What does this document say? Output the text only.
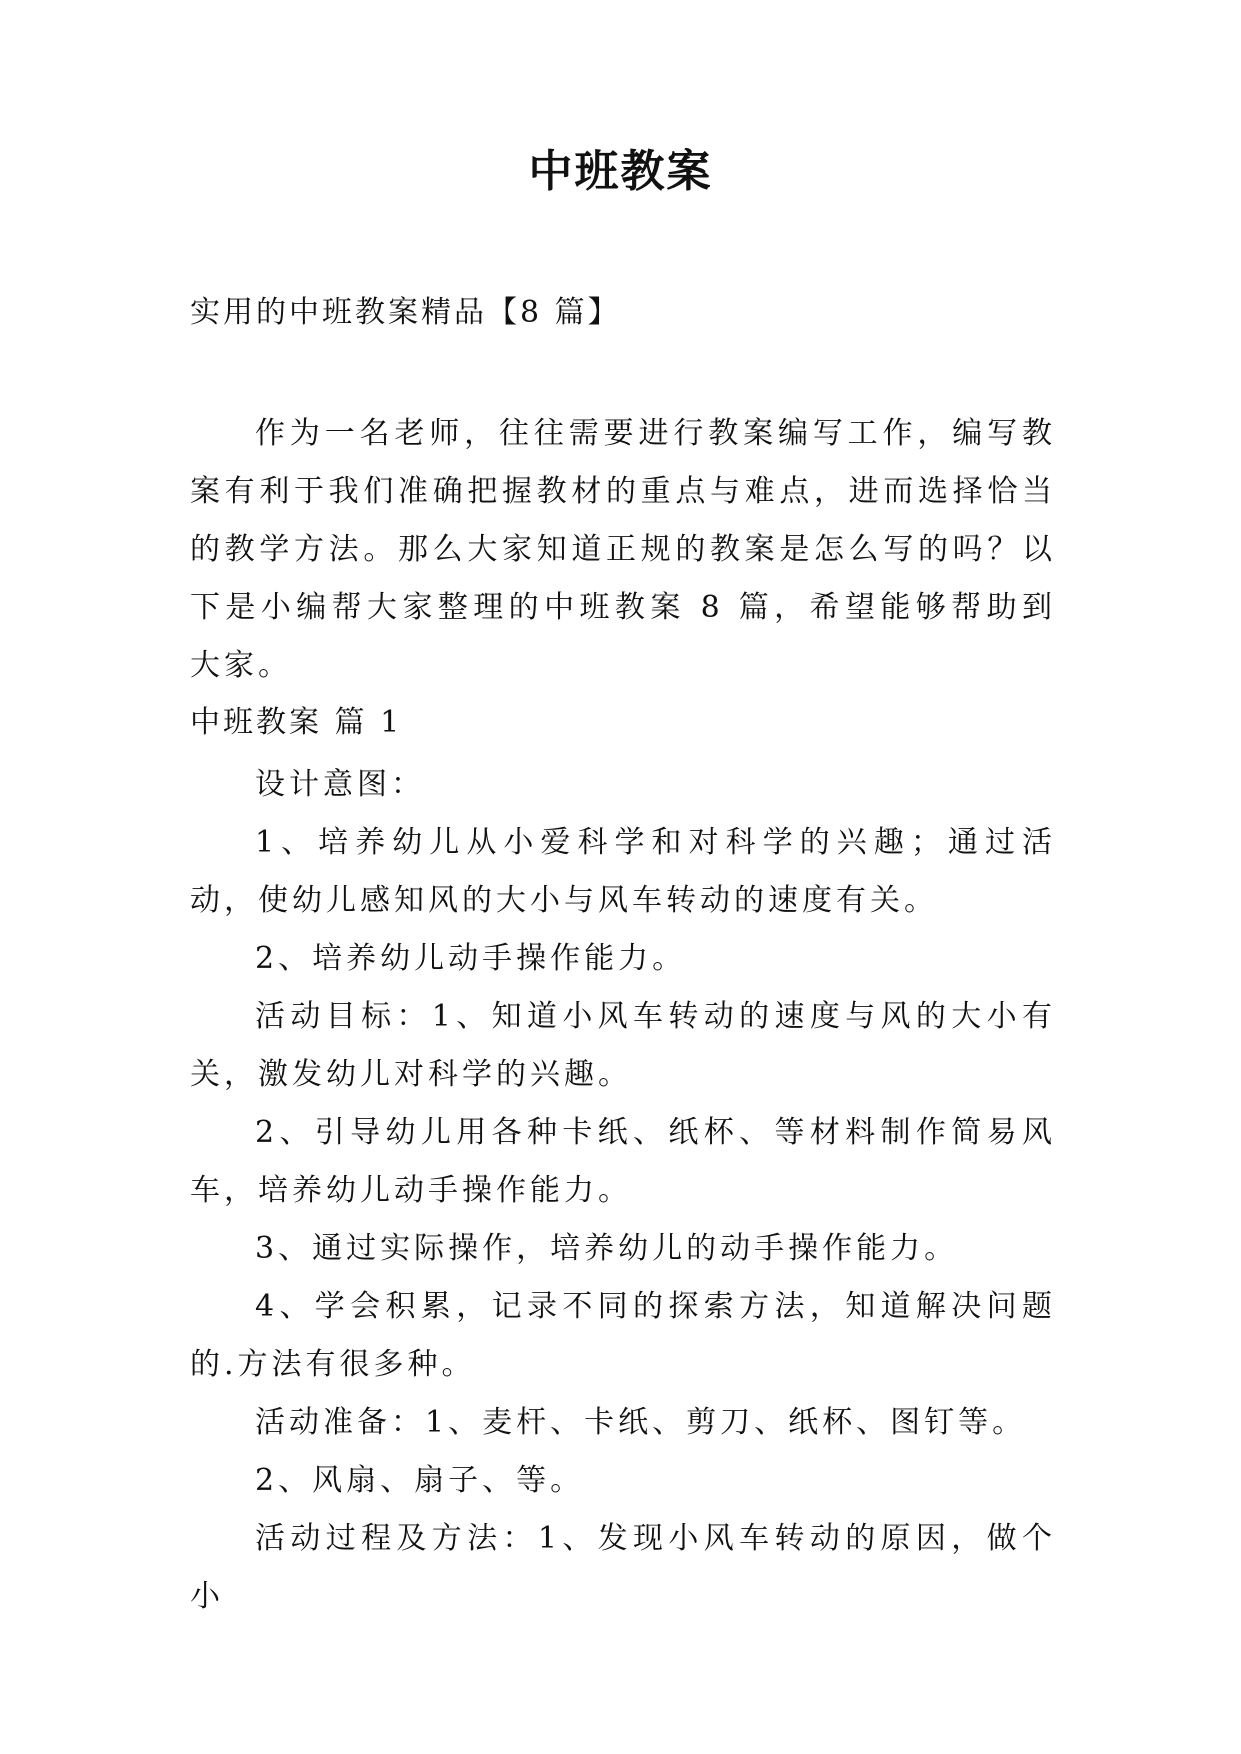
中班教案
实用的中班教案精品【8 篇】

作为一名老师，往往需要进行教案编写工作，编写教案有利于我们准确把握教材的重点与难点，进而选择恰当的教学方法。那么大家知道正规的教案是怎么写的吗？以下是小编帮大家整理的中班教案 8 篇，希望能够帮助到大家。

中班教案 篇 1

设计意图：

1、培养幼儿从小爱科学和对科学的兴趣；通过活动，使幼儿感知风的大小与风车转动的速度有关。

2、培养幼儿动手操作能力。

活动目标：1、知道小风车转动的速度与风的大小有关，激发幼儿对科学的兴趣。

2、引导幼儿用各种卡纸、纸杯、等材料制作简易风车，培养幼儿动手操作能力。

3、通过实际操作，培养幼儿的动手操作能力。

4、学会积累，记录不同的探索方法，知道解决问题的.方法有很多种。

活动准备：1、麦杆、卡纸、剪刀、纸杯、图钉等。

2、风扇、扇子、等。

活动过程及方法：1、发现小风车转动的原因，做个小
